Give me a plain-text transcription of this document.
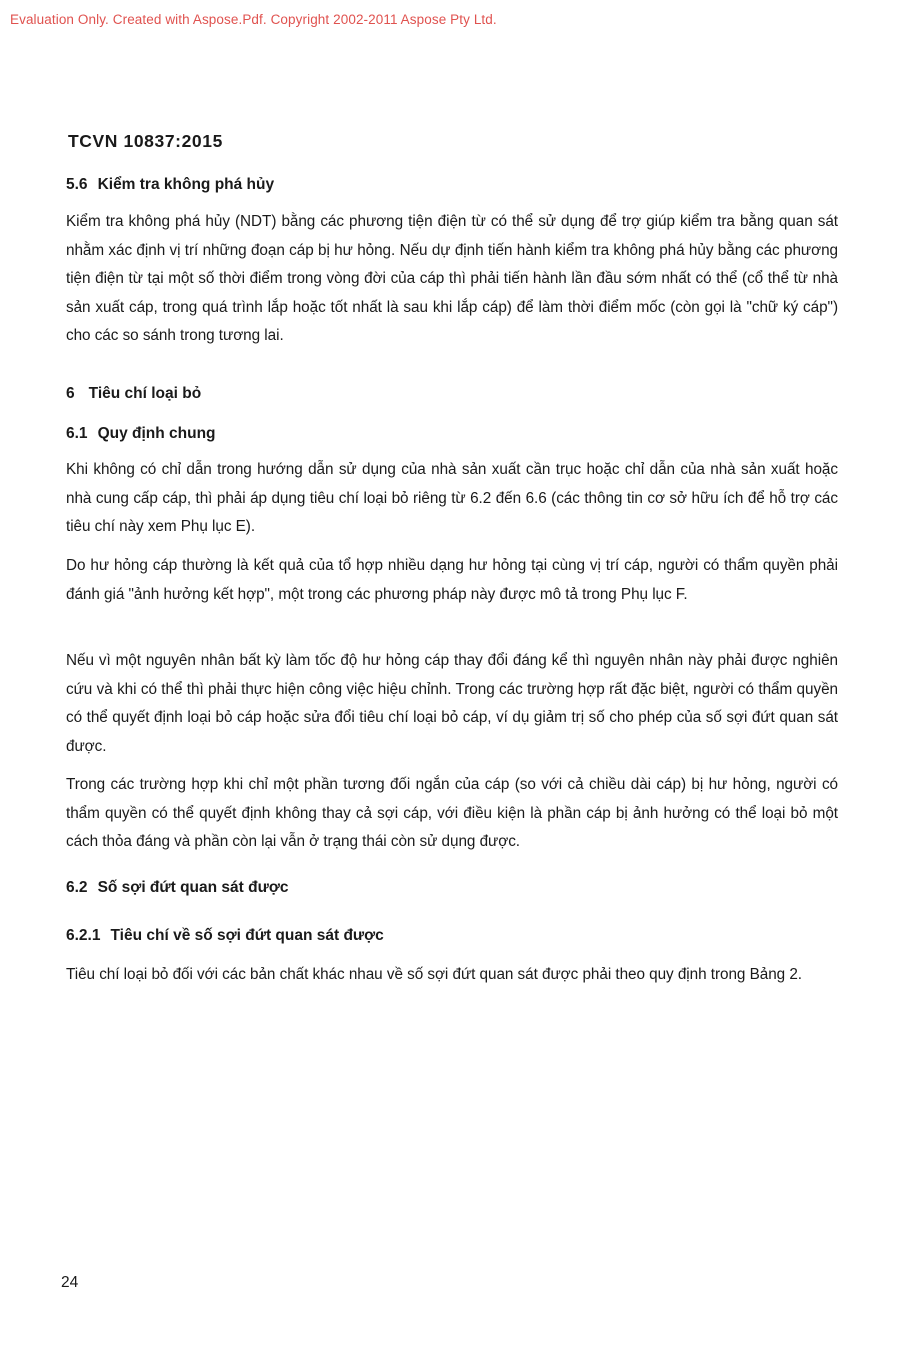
Evaluation Only. Created with Aspose.Pdf. Copyright 2002-2011 Aspose Pty Ltd.
TCVN 10837:2015
5.6 Kiểm tra không phá hủy
Kiểm tra không phá hủy (NDT) bằng các phương tiện điện từ có thể sử dụng để trợ giúp kiểm tra bằng quan sát nhằm xác định vị trí những đoạn cáp bị hư hỏng. Nếu dự định tiến hành kiểm tra không phá hủy bằng các phương tiện điện từ tại một số thời điểm trong vòng đời của cáp thì phải tiến hành lần đầu sớm nhất có thể (cổ thể từ nhà sản xuất cáp, trong quá trình lắp hoặc tốt nhất là sau khi lắp cáp) để làm thời điểm mốc (còn gọi là "chữ ký cáp") cho các so sánh trong tương lai.
6 Tiêu chí loại bỏ
6.1 Quy định chung
Khi không có chỉ dẫn trong hướng dẫn sử dụng của nhà sản xuất cần trục hoặc chỉ dẫn của nhà sản xuất hoặc nhà cung cấp cáp, thì phải áp dụng tiêu chí loại bỏ riêng từ 6.2 đến 6.6 (các thông tin cơ sở hữu ích để hỗ trợ các tiêu chí này xem Phụ lục E).
Do hư hỏng cáp thường là kết quả của tổ hợp nhiều dạng hư hỏng tại cùng vị trí cáp, người có thẩm quyền phải đánh giá "ảnh hưởng kết hợp", một trong các phương pháp này được mô tả trong Phụ lục F.
Nếu vì một nguyên nhân bất kỳ làm tốc độ hư hỏng cáp thay đổi đáng kể thì nguyên nhân này phải được nghiên cứu và khi có thể thì phải thực hiện công việc hiệu chỉnh. Trong các trường hợp rất đặc biệt, người có thẩm quyền có thể quyết định loại bỏ cáp hoặc sửa đổi tiêu chí loại bỏ cáp, ví dụ giảm trị số cho phép của số sợi đứt quan sát được.
Trong các trường hợp khi chỉ một phần tương đối ngắn của cáp (so với cả chiều dài cáp) bị hư hỏng, người có thẩm quyền có thể quyết định không thay cả sợi cáp, với điều kiện là phần cáp bị ảnh hưởng có thể loại bỏ một cách thỏa đáng và phần còn lại vẫn ở trạng thái còn sử dụng được.
6.2 Số sợi đứt quan sát được
6.2.1 Tiêu chí về số sợi đứt quan sát được
Tiêu chí loại bỏ đối với các bản chất khác nhau về số sợi đứt quan sát được phải theo quy định trong Bảng 2.
24
